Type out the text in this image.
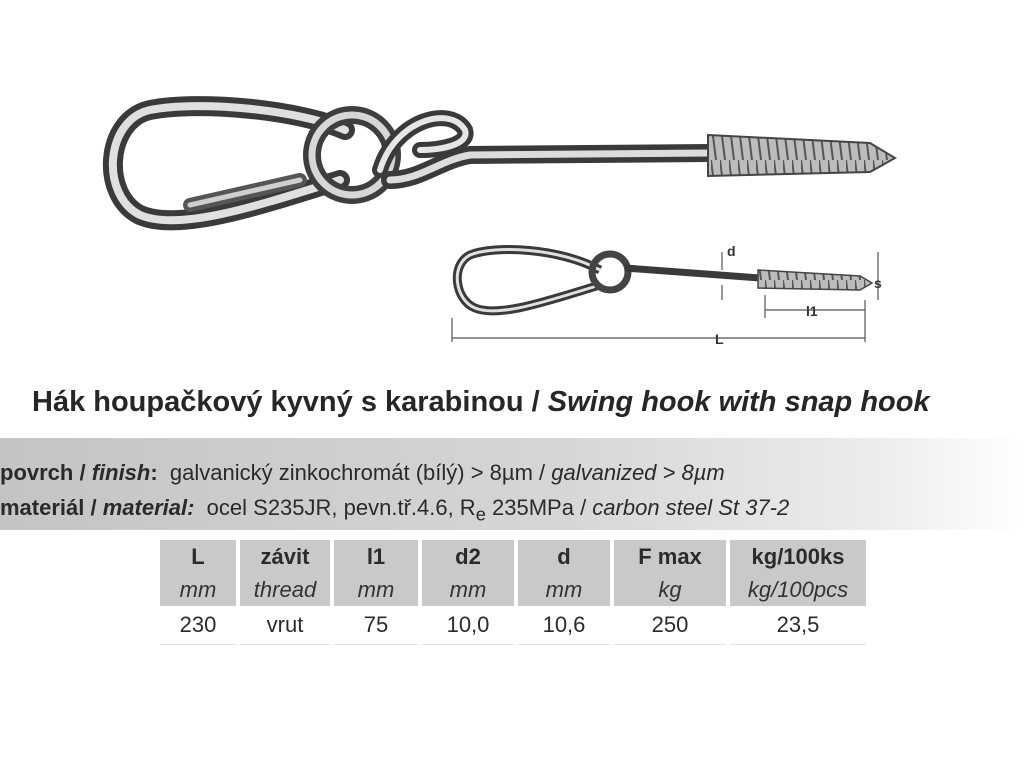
d
s
l1
L
Hák houpačkový kyvný s karabinou / Swing hook with snap hook
povrch / finish: galvanický zinkochromát (bílý) > 8µm / galvanized > 8µm
materiál / material: ocel S235JR, pevn.tř.4.6, $R_e$ 235MPa / carbon steel St 37-2
L	závit	l1	d2	d	F max	kg/100ks
mm	thread	mm	mm	mm	kg	kg/100pcs
230	vrut	75	10,0	10,6	250	23,5
